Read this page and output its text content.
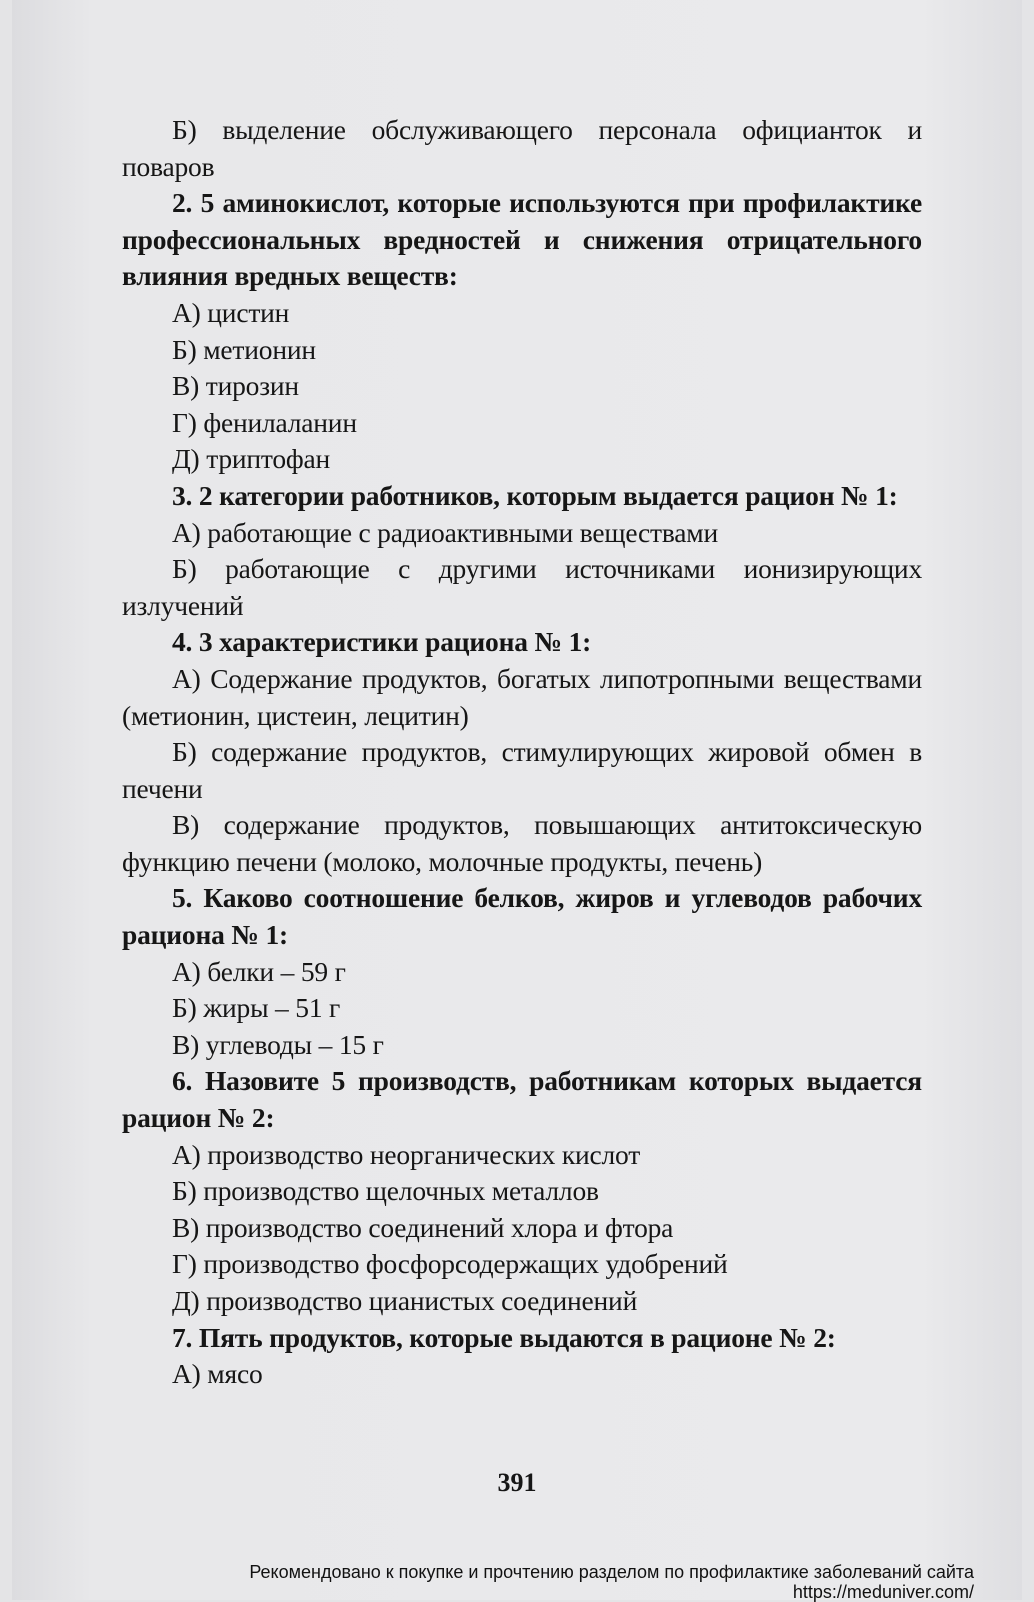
Б) выделение обслуживающего персонала официанток и поваров

2. 5 аминокислот, которые используются при профилактике профессиональных вредностей и снижения отрицательного влияния вредных веществ:

А) цистин

Б) метионин

В) тирозин

Г) фенилаланин

Д) триптофан

3. 2 категории работников, которым выдается рацион № 1:

А) работающие с радиоактивными веществами

Б) работающие с другими источниками ионизирующих излучений

4. 3 характеристики рациона № 1:

А) Содержание продуктов, богатых липотропными веществами (метионин, цистеин, лецитин)

Б) содержание продуктов, стимулирующих жировой обмен в печени

В) содержание продуктов, повышающих антитоксическую функцию печени (молоко, молочные продукты, печень)

5. Каково соотношение белков, жиров и углеводов рабочих рациона № 1:

А) белки – 59 г

Б) жиры – 51 г

В) углеводы – 15 г

6. Назовите 5 производств, работникам которых выдается рацион № 2:

А) производство неорганических кислот

Б) производство щелочных металлов

В) производство соединений хлора и фтора

Г) производство фосфорсодержащих удобрений

Д) производство цианистых соединений

7. Пять продуктов, которые выдаются в рационе № 2:

А) мясо

391
Рекомендовано к покупке и прочтению разделом по профилактике заболеваний сайта https://meduniver.com/
